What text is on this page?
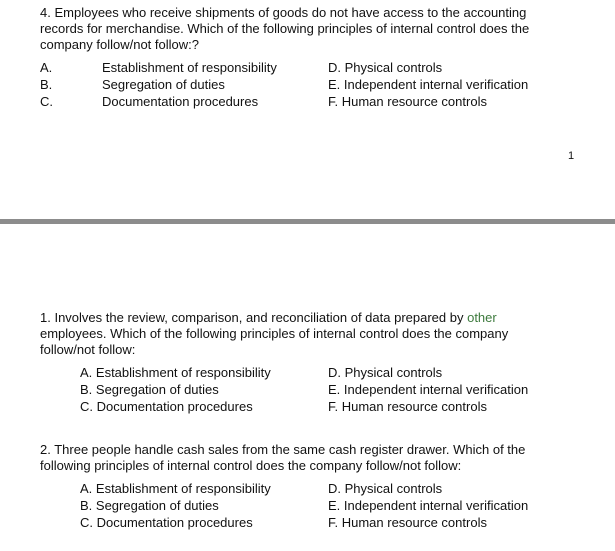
4. Employees who receive shipments of goods do not have access to the accounting records for merchandise. Which of the following principles of internal control does the company follow/not follow:?
A.	Establishment of responsibility
B.	Segregation of duties
C.	Documentation procedures
D. Physical controls
E. Independent internal verification
F. Human resource controls
1
1. Involves the review, comparison, and reconciliation of data prepared by other employees. Which of the following principles of internal control does the company follow/not follow:
A. Establishment of responsibility
B. Segregation of duties
C. Documentation procedures
D. Physical controls
E. Independent internal verification
F. Human resource controls
2. Three people handle cash sales from the same cash register drawer. Which of the following principles of internal control does the company follow/not follow:
A. Establishment of responsibility
B. Segregation of duties
C. Documentation procedures
D. Physical controls
E. Independent internal verification
F. Human resource controls
